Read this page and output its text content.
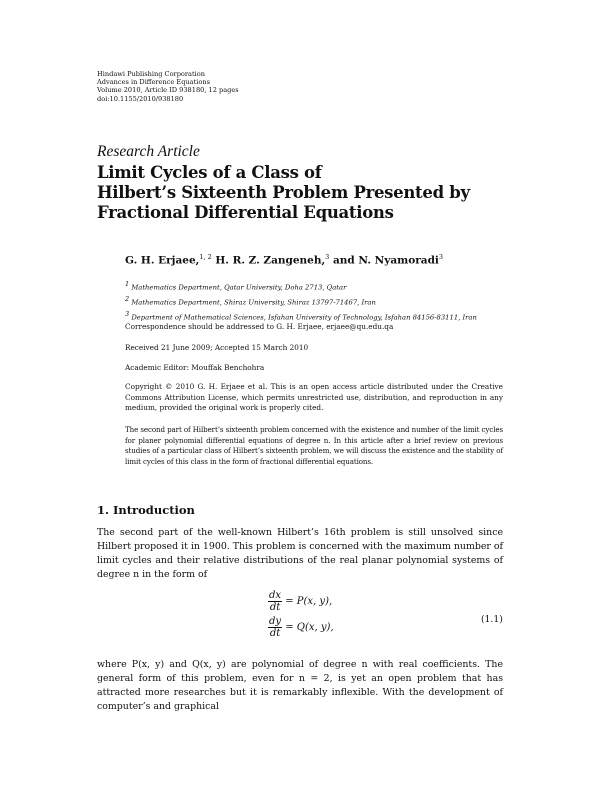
Hindawi Publishing Corporation
Advances in Difference Equations
Volume 2010, Article ID 938180, 12 pages
doi:10.1155/2010/938180
Research Article
Limit Cycles of a Class of
Hilbert’s Sixteenth Problem Presented by
Fractional Differential Equations
G. H. Erjaee,$^{1, 2}$ H. R. Z. Zangeneh,$^3$ and N. Nyamoradi$^3$
$^1$ Mathematics Department, Qatar University, Doha 2713, Qatar
$^2$ Mathematics Department, Shiraz University, Shiraz 13797-71467, Iran
$^3$ Department of Mathematical Sciences, Isfahan University of Technology, Isfahan 84156-83111, Iran
Correspondence should be addressed to G. H. Erjaee, erjaee@qu.edu.qa
Received 21 June 2009; Accepted 15 March 2010
Academic Editor: Mouffak Benchohra
Copyright © 2010 G. H. Erjaee et al. This is an open access article distributed under the Creative Commons Attribution License, which permits unrestricted use, distribution, and reproduction in any medium, provided the original work is properly cited.
The second part of Hilbert’s sixteenth problem concerned with the existence and number of the limit cycles for planer polynomial differential equations of degree n. In this article after a brief review on previous studies of a particular class of Hilbert’s sixteenth problem, we will discuss the existence and the stability of limit cycles of this class in the form of fractional differential equations.
1. Introduction
The second part of the well-known Hilbert’s 16th problem is still unsolved since Hilbert proposed it in 1900. This problem is concerned with the maximum number of limit cycles and their relative distributions of the real planar polynomial systems of degree n in the form of
$\frac{dx}{dt} = P(x$, y),
$\frac{dy}{dt} = Q(x$, y),
(1.1)
where P(x, y) and Q(x, y) are polynomial of degree n with real coefficients. The general form of this problem, even for n = 2, is yet an open problem that has attracted more researches but it is remarkably inflexible. With the development of computer’s and graphical
